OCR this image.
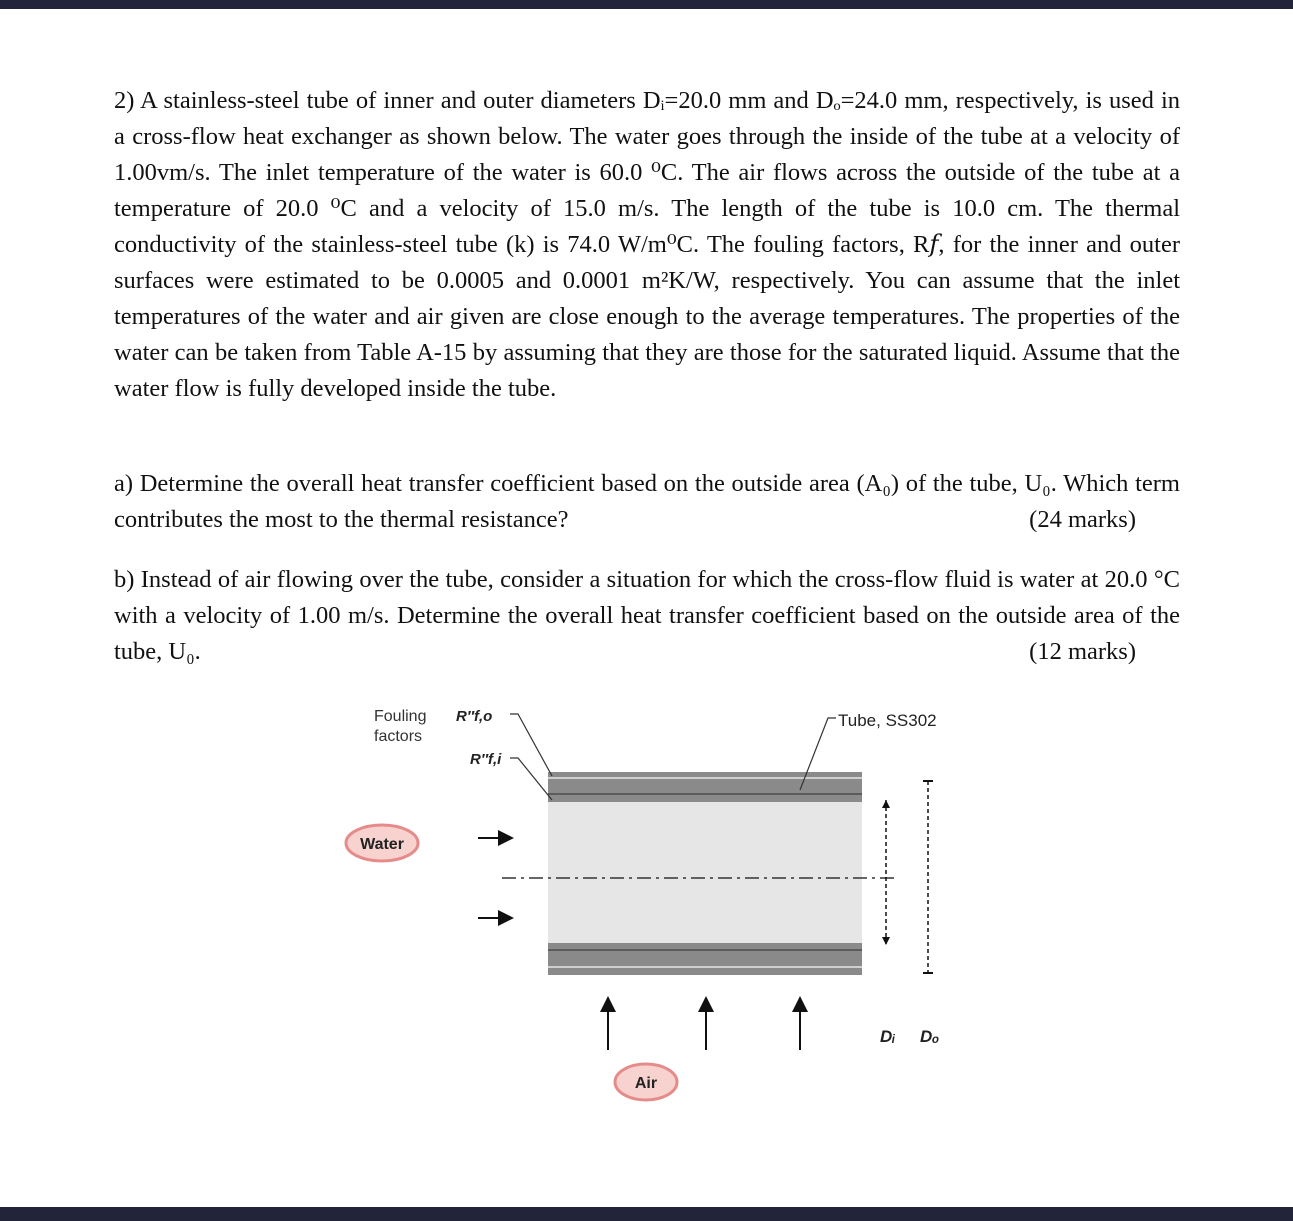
2) A stainless-steel tube of inner and outer diameters Dᵢ=20.0 mm and Dₒ=24.0 mm, respectively, is used in a cross-flow heat exchanger as shown below. The water goes through the inside of the tube at a velocity of 1.00vm/s. The inlet temperature of the water is 60.0 ⁰C. The air flows across the outside of the tube at a temperature of 20.0 ⁰C and a velocity of 15.0 m/s. The length of the tube is 10.0 cm. The thermal conductivity of the stainless-steel tube (k) is 74.0 W/m⁰C. The fouling factors, R𝑓, for the inner and outer surfaces were estimated to be 0.0005 and 0.0001 m²K/W, respectively. You can assume that the inlet temperatures of the water and air given are close enough to the average temperatures. The properties of the water can be taken from Table A-15 by assuming that they are those for the saturated liquid. Assume that the water flow is fully developed inside the tube.

a) Determine the overall heat transfer coefficient based on the outside area (A₀) of the tube, U₀. Which term contributes the most to the thermal resistance?	(24 marks)

b) Instead of air flowing over the tube, consider a situation for which the cross-flow fluid is water at 20.0 °C with a velocity of 1.00 m/s. Determine the overall heat transfer coefficient based on the outside area of the tube, U₀.	(12 marks)
Fouling
factors
R″f,o
R″f,i
Tube, SS302
Water
Air
Dᵢ Dₒ
